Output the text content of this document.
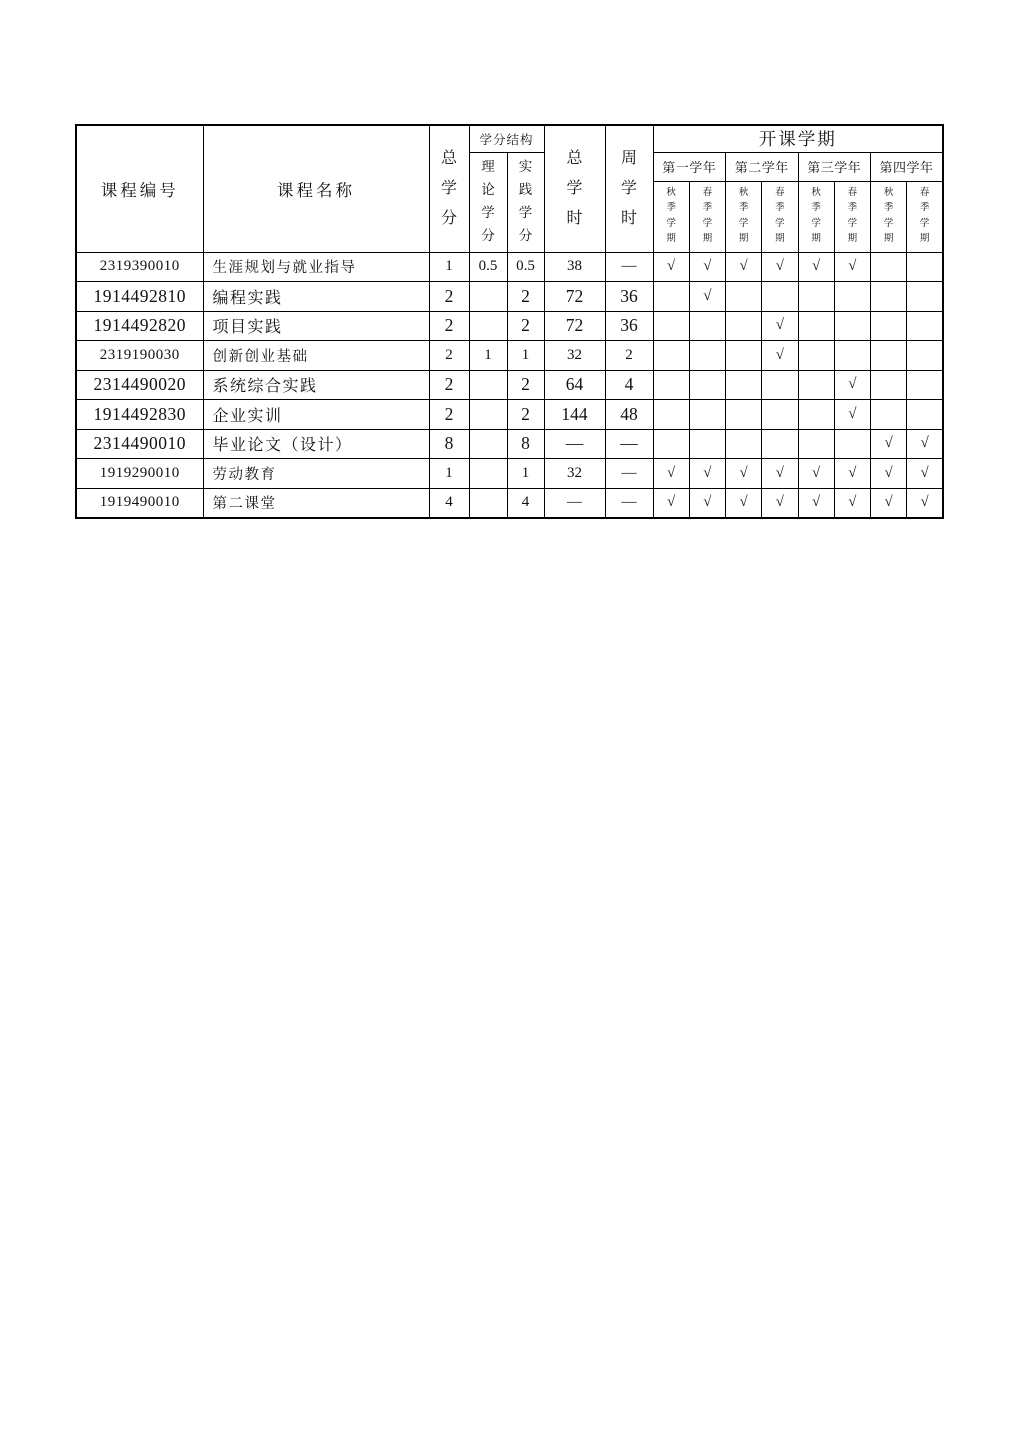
课程编号	课程名称	总学分	学分结构		总学时	周学时	开课学期							

			理论学分	实践学分			第一学年		第二学年		第三学年		第四学年	

							秋季学期	春季学期	秋季学期	春季学期	秋季学期	春季学期	秋季学期	春季学期

2319390010	生涯规划与就业指导	1	0.5	0.5	38	—	√	√	√	√	√	√		
1914492810	编程实践	2		2	72	36		√						
1914492820	项目实践	2		2	72	36				√				
2319190030	创新创业基础	2	1	1	32	2				√				
2314490020	系统综合实践	2		2	64	4						√		
1914492830	企业实训	2		2	144	48						√		
2314490010	毕业论文（设计）	8		8	—	—							√	√
1919290010	劳动教育	1		1	32	—	√	√	√	√	√	√	√	√
1919490010	第二课堂	4		4	—	—	√	√	√	√	√	√	√	√
